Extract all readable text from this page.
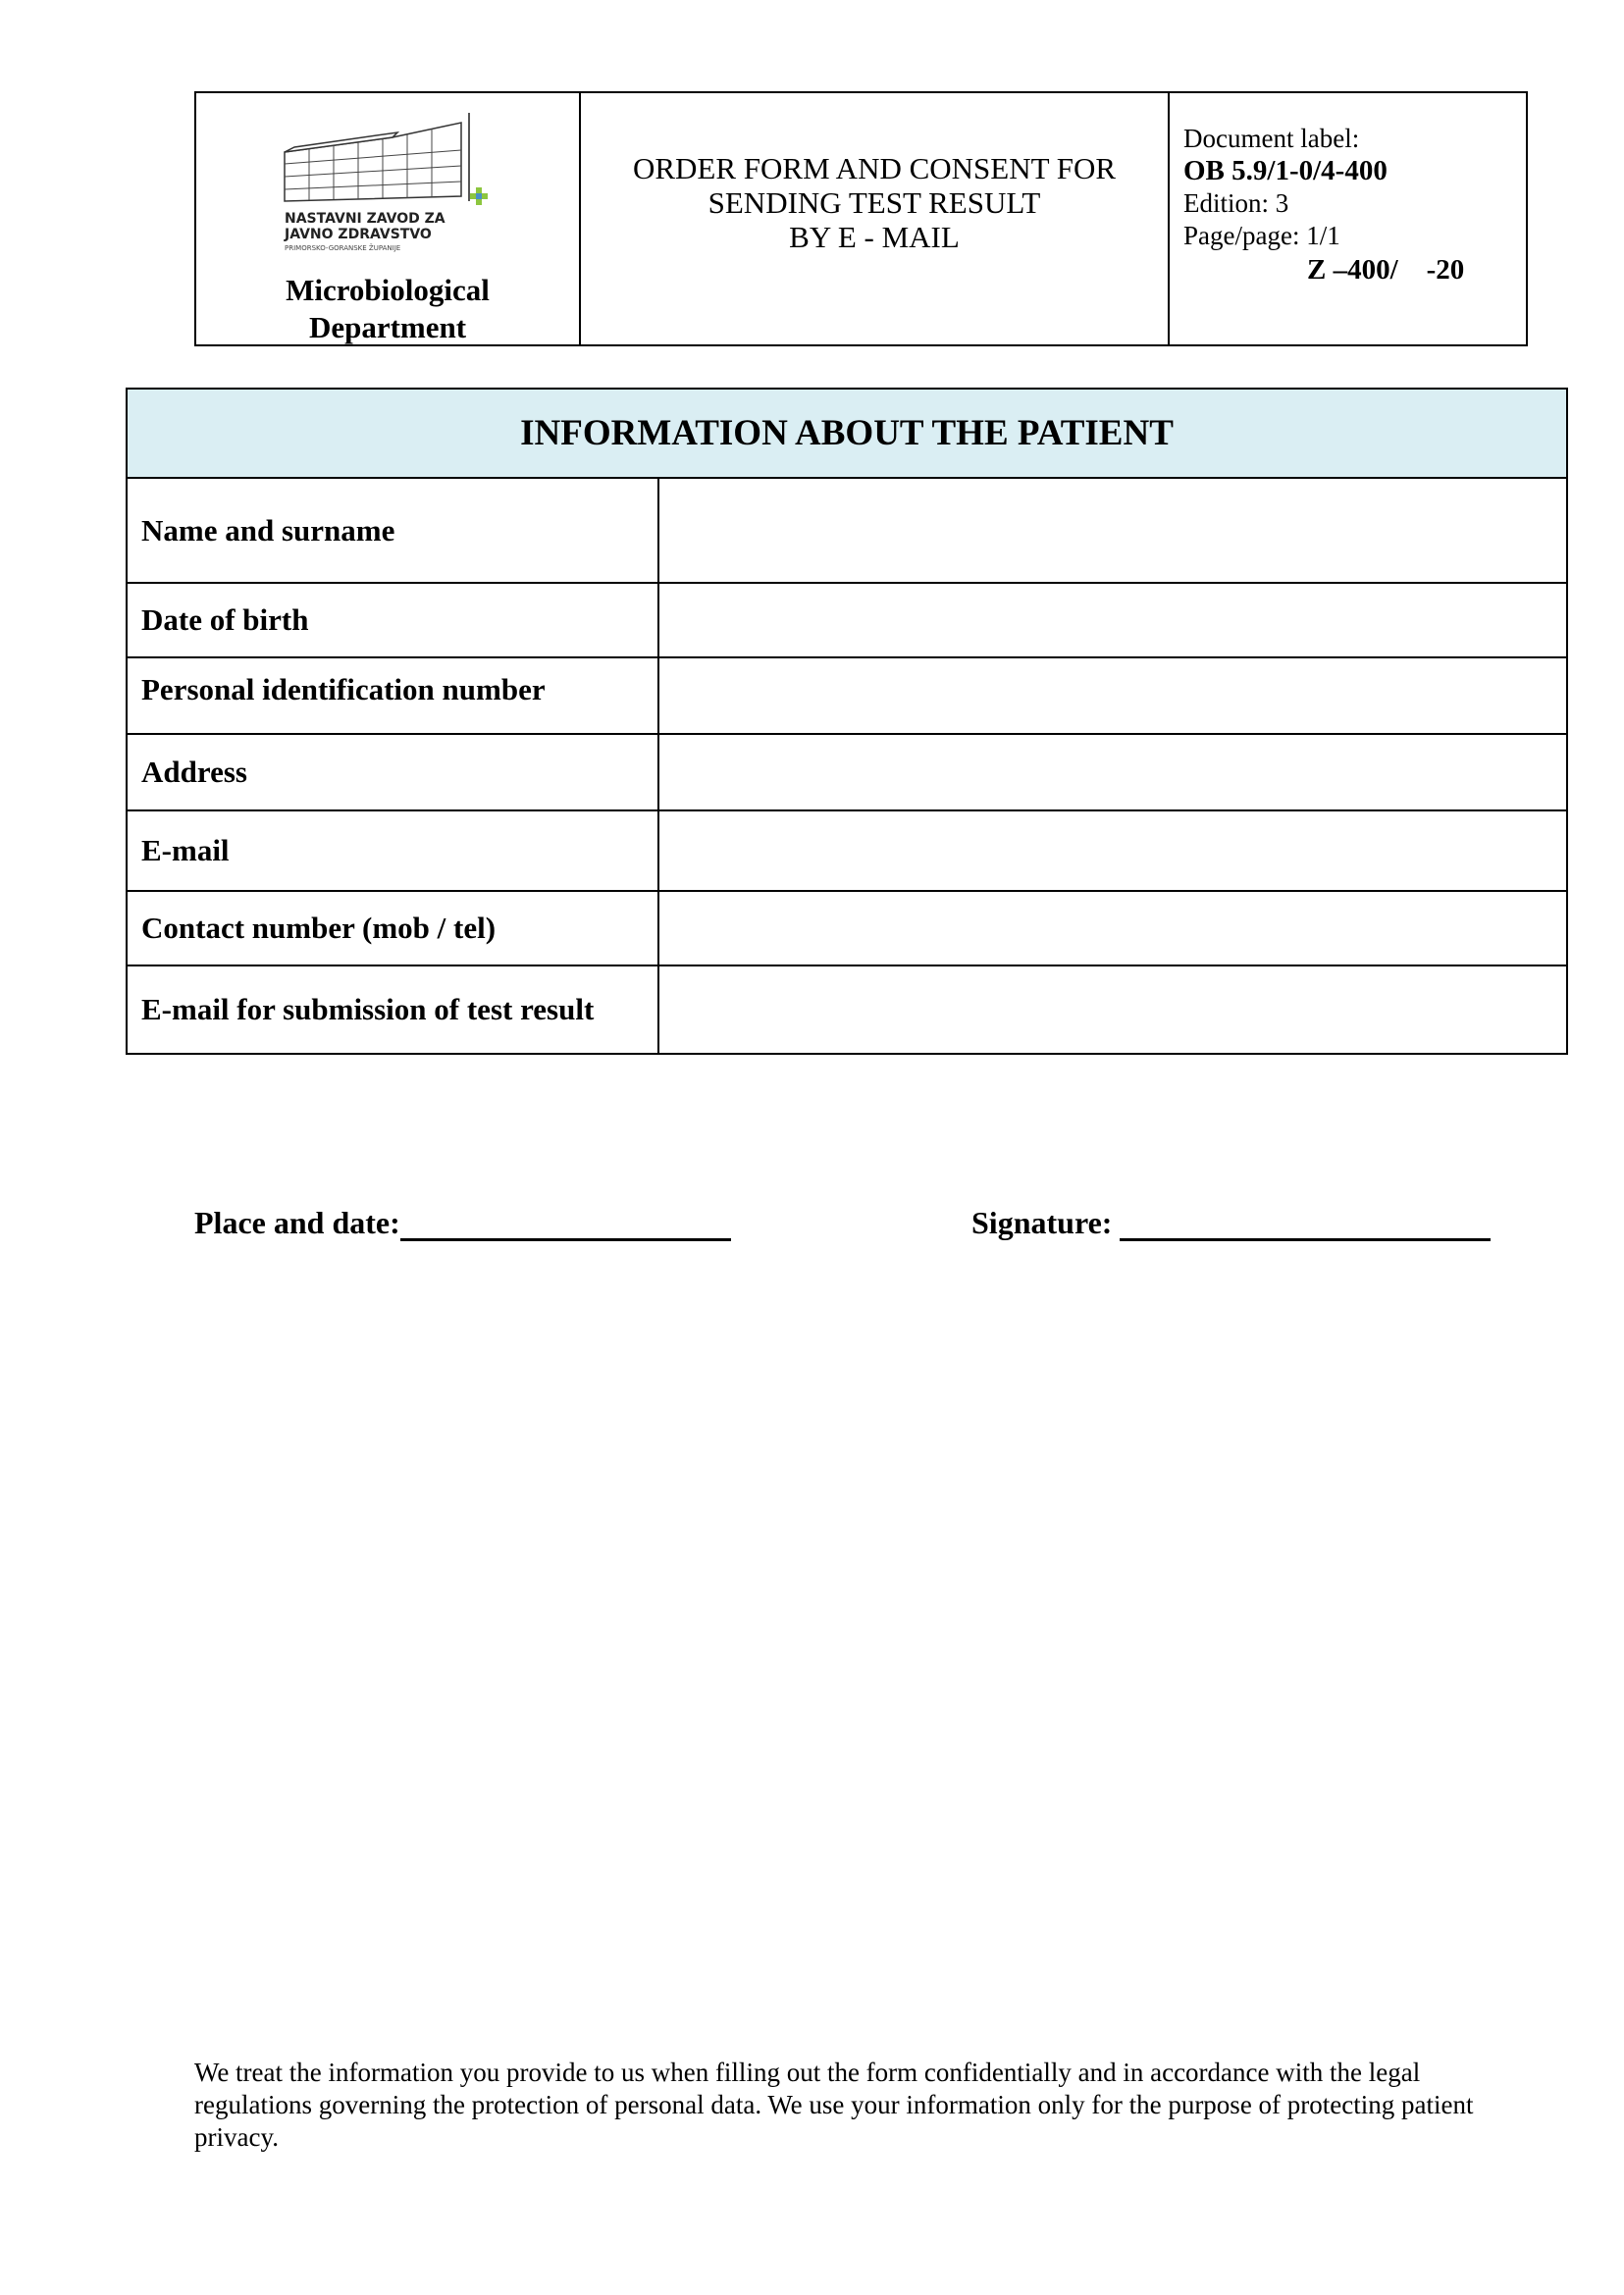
NASTAVNI ZAVOD ZA
JAVNO ZDRAVSTVO
PRIMORSKO-GORANSKE ŽUPANIJE
Microbiological
Department
ORDER FORM AND CONSENT FOR
SENDING TEST RESULT
BY E - MAIL
Document label:
OB 5.9/1-0/4-400
Edition: 3
Page/page: 1/1
Z –400/    -20
INFORMATION ABOUT THE PATIENT
Name and surname
Date of birth
Personal identification number
Address
E-mail
Contact number (mob / tel)
E-mail for submission of test result
Place and date:	Signature:
We treat the information you provide to us when filling out the form confidentially and in accordance with the legal regulations governing the protection of personal data. We use your information only for the purpose of protecting patient privacy.
